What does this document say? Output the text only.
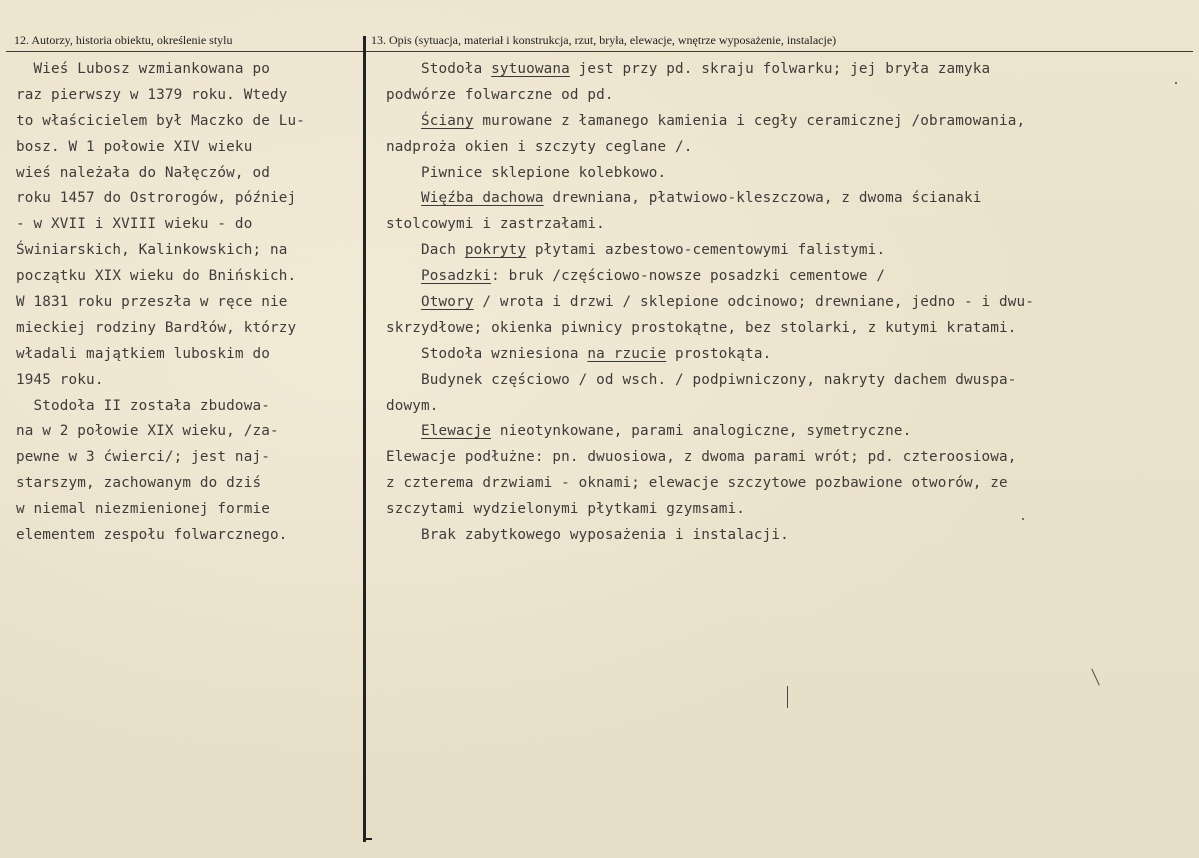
12. Autorzy, historia obiektu, określenie stylu	13. Opis (sytuacja, materiał i konstrukcja, rzut, bryła, elewacje, wnętrze wyposażenie, instalacje)
Wieś Lubosz wzmiankowana po
raz pierwszy w 1379 roku. Wtedy
to właścicielem był Maczko de Lu-
bosz. W 1 połowie XIV wieku
wieś należała do Nałęczów, od
roku 1457 do Ostrorogów, później
- w XVII i XVIII wieku - do
Świniarskich, Kalinkowskich; na
początku XIX wieku do Bnińskich.
W 1831 roku przeszła w ręce nie
mieckiej rodziny Bardłów, którzy
władali majątkiem luboskim do
1945 roku.
Stodoła II została zbudowa-
na w 2 połowie XIX wieku, /za-
pewne w 3 ćwierci/; jest naj-
starszym, zachowanym do dziś
w niemal niezmienionej formie
elementem zespołu folwarcznego.
Stodoła sytuowana jest przy pd. skraju folwarku; jej bryła zamyka
podwórze folwarczne od pd.
Ściany murowane z łamanego kamienia i cegły ceramicznej /obramowania,
nadproża okien i szczyty ceglane /.
Piwnice sklepione kolebkowo.
Więźba dachowa drewniana, płatwiowo-kleszczowa, z dwoma ścianaki
stolcowymi i zastrzałami.
Dach pokryty płytami azbestowo-cementowymi falistymi.
Posadzki: bruk /częściowo-nowsze posadzki cementowe /
Otwory / wrota i drzwi / sklepione odcinowo; drewniane, jedno - i dwu-
skrzydłowe; okienka piwnicy prostokątne, bez stolarki, z kutymi kratami.
Stodoła wzniesiona na rzucie prostokąta.
Budynek częściowo / od wsch. / podpiwniczony, nakryty dachem dwuspa-
dowym.
Elewacje nieotynkowane, parami analogiczne, symetryczne.
Elewacje podłużne: pn. dwuosiowa, z dwoma parami wrót; pd. czteroosiowa,
z czterema drzwiami - oknami; elewacje szczytowe pozbawione otworów, ze
szczytami wydzielonymi płytkami gzymsami.
Brak zabytkowego wyposażenia i instalacji.
